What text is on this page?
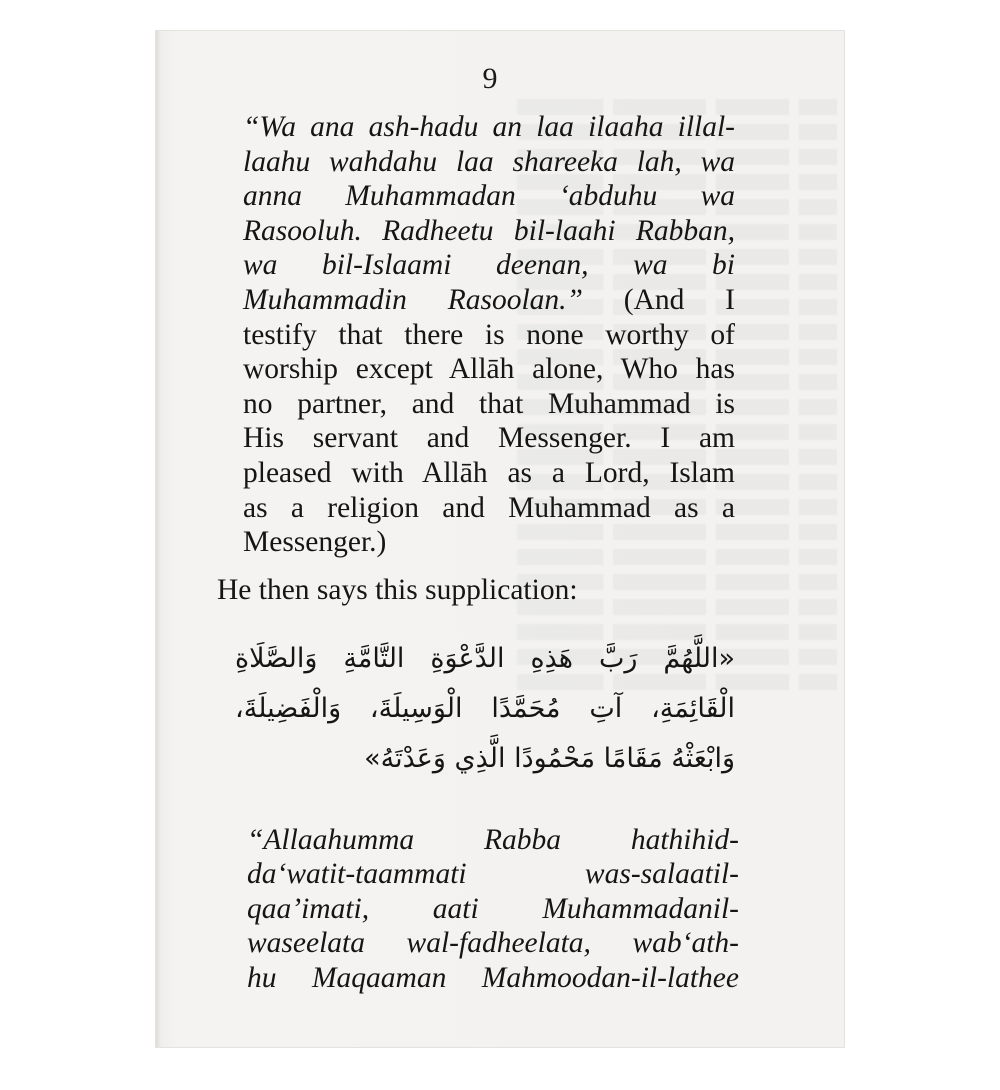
9
“Wa ana ash-hadu an laa ilaaha illal-
laahu wahdahu laa shareeka lah, wa
anna Muhammadan ‘abduhu wa
Rasooluh. Radheetu bil-laahi Rabban,
wa bil-Islaami deenan, wa bi
Muhammadin Rasoolan.” (And I
testify that there is none worthy of
worship except Allāh alone, Who has
no partner, and that Muhammad is
His servant and Messenger. I am
pleased with Allāh as a Lord, Islam
as a religion and Muhammad as a
Messenger.)
He then says this supplication:
«اللَّهُمَّ رَبَّ هَذِهِ الدَّعْوَةِ التَّامَّةِ وَالصَّلَاةِ
الْقَائِمَةِ، آتِ مُحَمَّدًا الْوَسِيلَةَ، وَالْفَضِيلَةَ،
وَابْعَثْهُ مَقَامًا مَحْمُودًا الَّذِي وَعَدْتَهُ»
“Allaahumma Rabba hathihid-
da‘watit-taammati was-salaatil-
qaa’imati, aati Muhammadanil-
waseelata wal-fadheelata, wab‘ath-
hu Maqaaman Mahmoodan-il-lathee
